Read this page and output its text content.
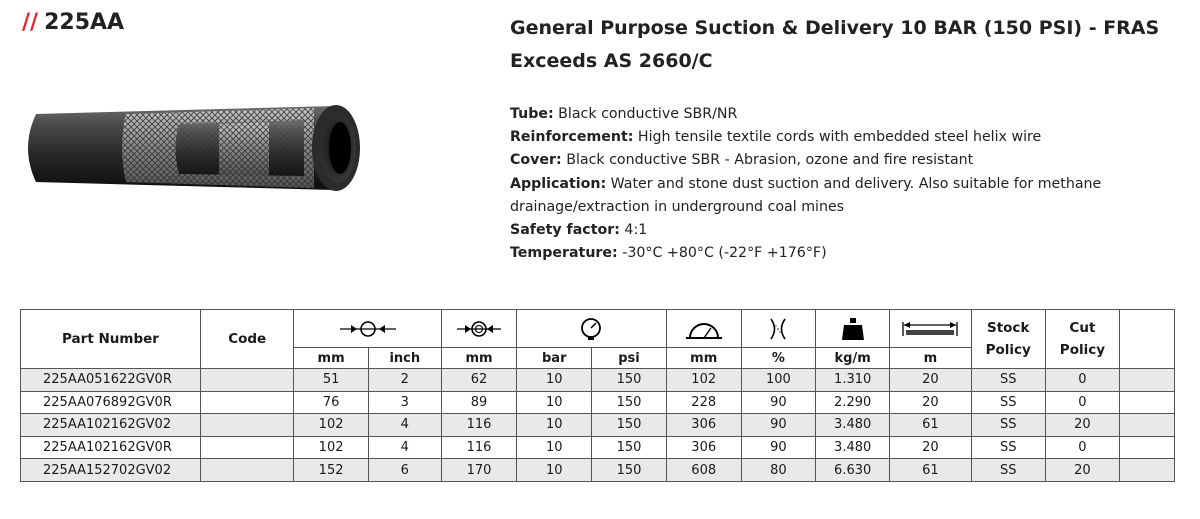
// 225AA	General Purpose Suction & Delivery 10 BAR (150 PSI) - FRAS
Exceeds AS 2660/C
Tube: Black conductive SBR/NR
Reinforcement: High tensile textile cords with embedded steel helix wire
Cover: Black conductive SBR - Abrasion, ozone and fire resistant
Application: Water and stone dust suction and delivery. Also suitable for methane drainage/extraction in underground coal mines
Safety factor: 4:1
Temperature: -30°C +80°C (-22°F +176°F)
Part Number	Code										Stock Policy	Cut Policy	
		mm	inch	mm	bar	psi	mm	%	kg/m	m			
225AA051622GV0R		51	2	62	10	150	102	100	1.310	20	SS	0	
225AA076892GV0R		76	3	89	10	150	228	90	2.290	20	SS	0	
225AA102162GV02		102	4	116	10	150	306	90	3.480	61	SS	20	
225AA102162GV0R		102	4	116	10	150	306	90	3.480	20	SS	0	
225AA152702GV02		152	6	170	10	150	608	80	6.630	61	SS	20	
